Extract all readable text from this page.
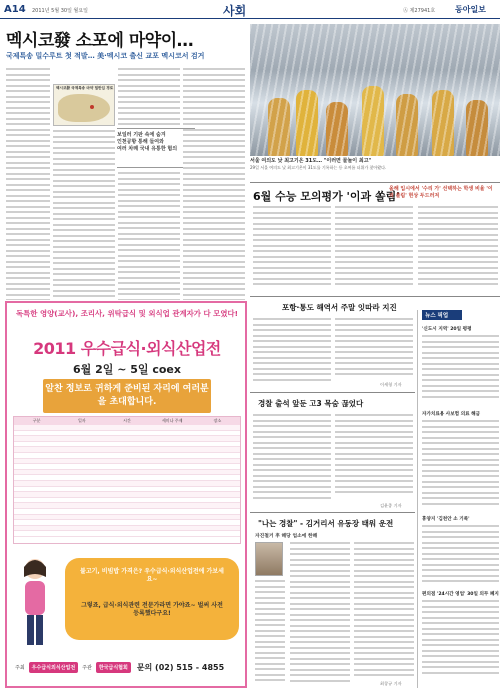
A14 2011년 5월 30일 월요일	사회	Ⓐ 제27941호 동아일보
멕시코發 소포에 마약이…
국제특송 밀수루트 첫 적발… 美·멕시코 출신 교포 멕시코서 검거
멕시코發 국제특송 마약 밀반입 경로
보일러 기판 속에 숨겨
인천공항 통해 들여와
여러 차례 국내 유통한 혐의
서울 여의도 낮 최고기온 31도… "이러면 물놀이 최고"
29일 서울 여의도 낮 최고기온이 31도를 기록하는 등 초여름 더위가 찾아왔다.
6월 수능 모의평가 '이과 쏠림'
올해 입시에서 '수리 가' 선택하는 학생 비율 '이과 쏠림' 현상 두드러져
포항·통도 해역서 주말 잇따라 지진
이세형 기자
경찰 출석 앞둔 고3 목숨 끊었다
김윤종 기자
"나는 경찰" - 김거리서 유동장 태워 운전
자진철거 후 해당 업소에 한해
최창규 기자
뉴스 픽업
'신도시 지역' 20일 평평
자가치료용 사보험 의료 해금
휴양지 '김천안 소 기록'
편의점 '24시간 영업' 30일 의무 폐지
독특한 영양(교사), 조리사, 위탁급식 및 외식업 관계자가 다 모였다!
2011 우수급식·외식산업전
6월 2일 ~ 5일 coex
알찬 정보로 귀하게 준비된 자리에 여러분을 초대합니다.
구분	일자	시간	세미나 주제	장소
불고기, 비빔밥 가격은? 우수급식·외식산업전에 가보세요~
그렇죠, 급식·외식관련 전문가라면 가야죠~ 벌써 사전 등록했다구요!
주최	우수급식외식산업전	주관	한국급식협회	문의 (02) 515 - 4855
